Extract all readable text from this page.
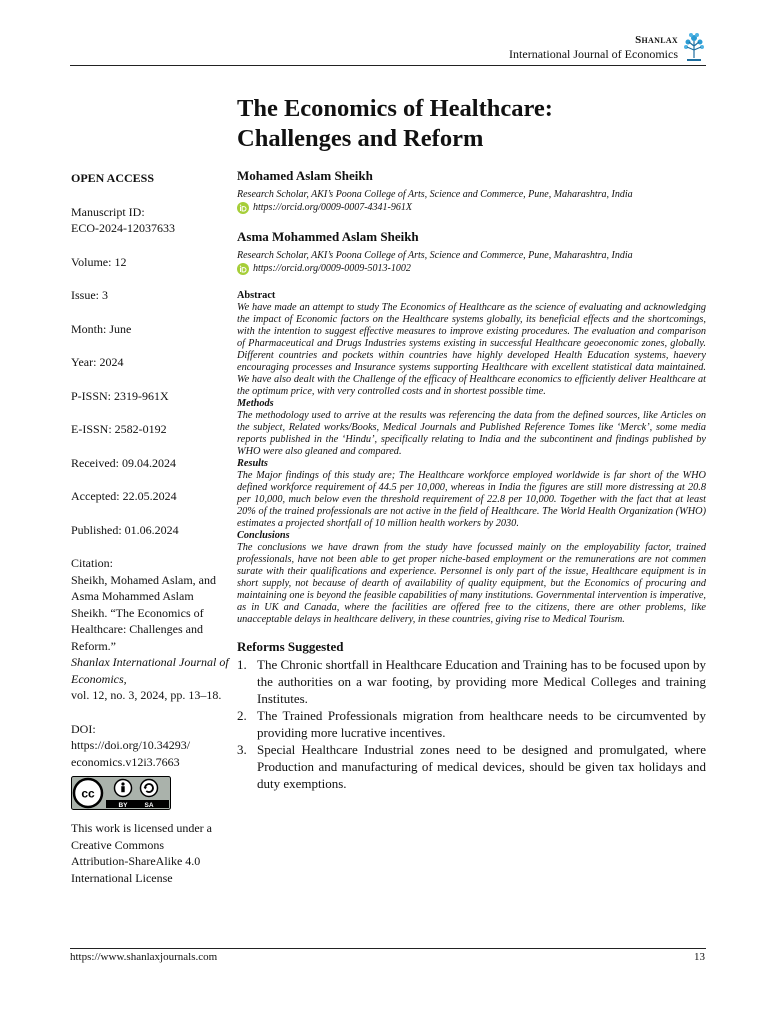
Shanlax
International Journal of Economics
OPEN ACCESS
Manuscript ID:
ECO-2024-12037633
Volume: 12
Issue: 3
Month: June
Year: 2024
P-ISSN: 2319-961X
E-ISSN: 2582-0192
Received: 09.04.2024
Accepted: 22.05.2024
Published: 01.06.2024
Citation:
Sheikh, Mohamed Aslam, and Asma Mohammed Aslam Sheikh. “The Economics of Healthcare: Challenges and Reform.”
Shanlax International Journal of Economics,
vol. 12, no. 3, 2024, pp. 13–18.
DOI:
https://doi.org/10.34293/ economics.v12i3.7663
cc
BY	SA
This work is licensed under a Creative Commons Attribution-ShareAlike 4.0 International License
The Economics of Healthcare:
Challenges and Reform
Mohamed Aslam Sheikh
Research Scholar, AKI’s Poona College of Arts, Science and Commerce, Pune, Maharashtra, India
https://orcid.org/0009-0007-4341-961X
Asma Mohammed Aslam Sheikh
Research Scholar, AKI’s Poona College of Arts, Science and Commerce, Pune, Maharashtra, India
https://orcid.org/0009-0009-5013-1002
Abstract

We have made an attempt to study The Economics of Healthcare as the science of evaluating and acknowledging the impact of Economic factors on the Healthcare systems globally, its beneficial effects and the shortcomings, with the intention to suggest effective measures to improve existing procedures. The evaluation and comparison of Pharmaceutical and Drugs Industries systems existing in successful Healthcare geoeconomic zones, globally. Different countries and pockets within countries have highly developed Health Education systems, haevery encouraging processes and Insurance systems supporting Healthcare with excellent statistical data maintained. We have also dealt with the Challenge of the efficacy of Healthcare economics to efficiently deliver Healthcare at the optimum price, with very controlled costs and in shortest possible time.

Methods

The methodology used to arrive at the results was referencing the data from the defined sources, like Articles on the subject, Related works/Books, Medical Journals and Published Reference Tomes like ‘Merck’, some media reports published in the ‘Hindu’, specifically relating to India and the subcontinent and findings published by WHO were also gleaned and compared.

Results

The Major findings of this study are; The Healthcare workforce employed worldwide is far short of the WHO defined workforce requirement of 44.5 per 10,000, whereas in India the figures are still more distressing at 20.8 per 10,000, much below even the threshold requirement of 22.8 per 10,000. Together with the fact that at least 20% of the trained professionals are not active in the field of Healthcare. The World Health Organization (WHO) estimates a projected shortfall of 10 million health workers by 2030.

Conclusions

The conclusions we have drawn from the study have focussed mainly on the employability factor, trained professionals, have not been able to get proper niche-based employment or the remunerations are not commen surate with their qualifications and experience. Personnel is only part of the issue, Healthcare equipment is in short supply, not because of dearth of availability of quality equipment, but the Economics of procuring and maintaining one is beyond the feasible capabilities of many institutions. Governmental intervention is imperative, as in UK and Canada, where the facilities are offered free to the citizens, there are other problems, like unacceptable delays in healthcare delivery, in these countries, giving rise to Medical Tourism.

Reforms Suggested
1. The Chronic shortfall in Healthcare Education and Training has to be focused upon by the authorities on a war footing, by providing more Medical Colleges and training Institutes.
2. The Trained Professionals migration from healthcare needs to be circumvented by providing more lucrative incentives.
3. Special Healthcare Industrial zones need to be designed and promulgated, where Production and manufacturing of medical devices, should be given tax holidays and duty exemptions.
https://www.shanlaxjournals.com	13
